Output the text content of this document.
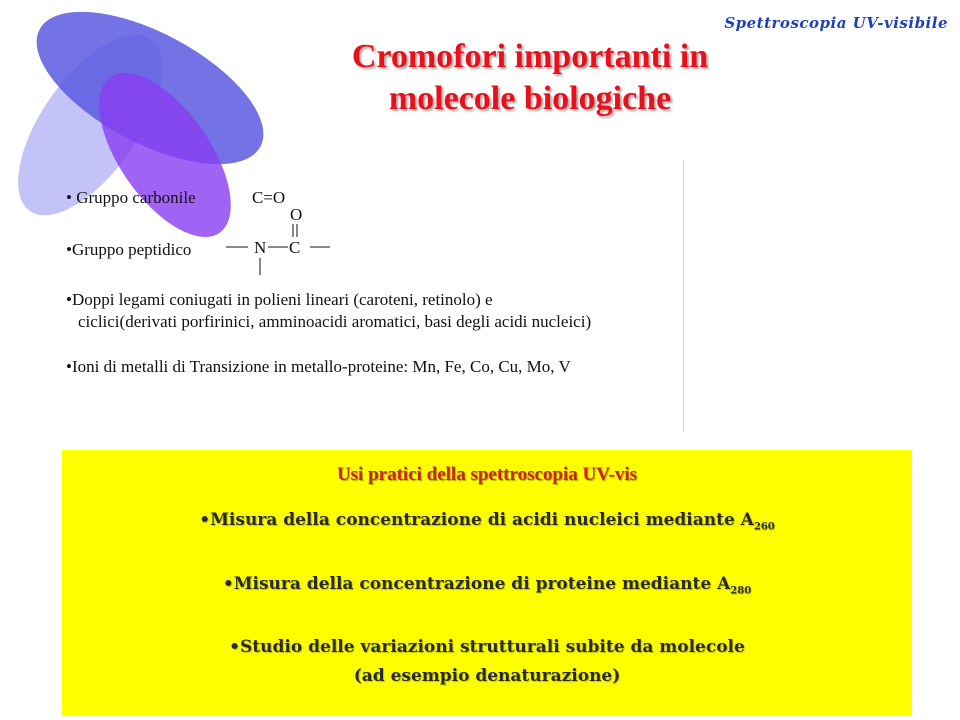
Spettroscopia UV-visibile
Cromofori importanti in
molecole biologiche
• Gruppo carbonile	C=O
•Gruppo peptidico
O
N C
•Doppi legami coniugati in polieni lineari (caroteni, retinolo) e
ciclici(derivati porfirinici, amminoacidi aromatici, basi degli acidi nucleici)
•Ioni di metalli di Transizione in metallo-proteine: Mn, Fe, Co, Cu, Mo, V
Usi pratici della spettroscopia UV-vis
•Misura della concentrazione di acidi nucleici mediante $A_{260}$
•Misura della concentrazione di proteine mediante $A_{280}$
•Studio delle variazioni strutturali subite da molecole
(ad esempio denaturazione)
